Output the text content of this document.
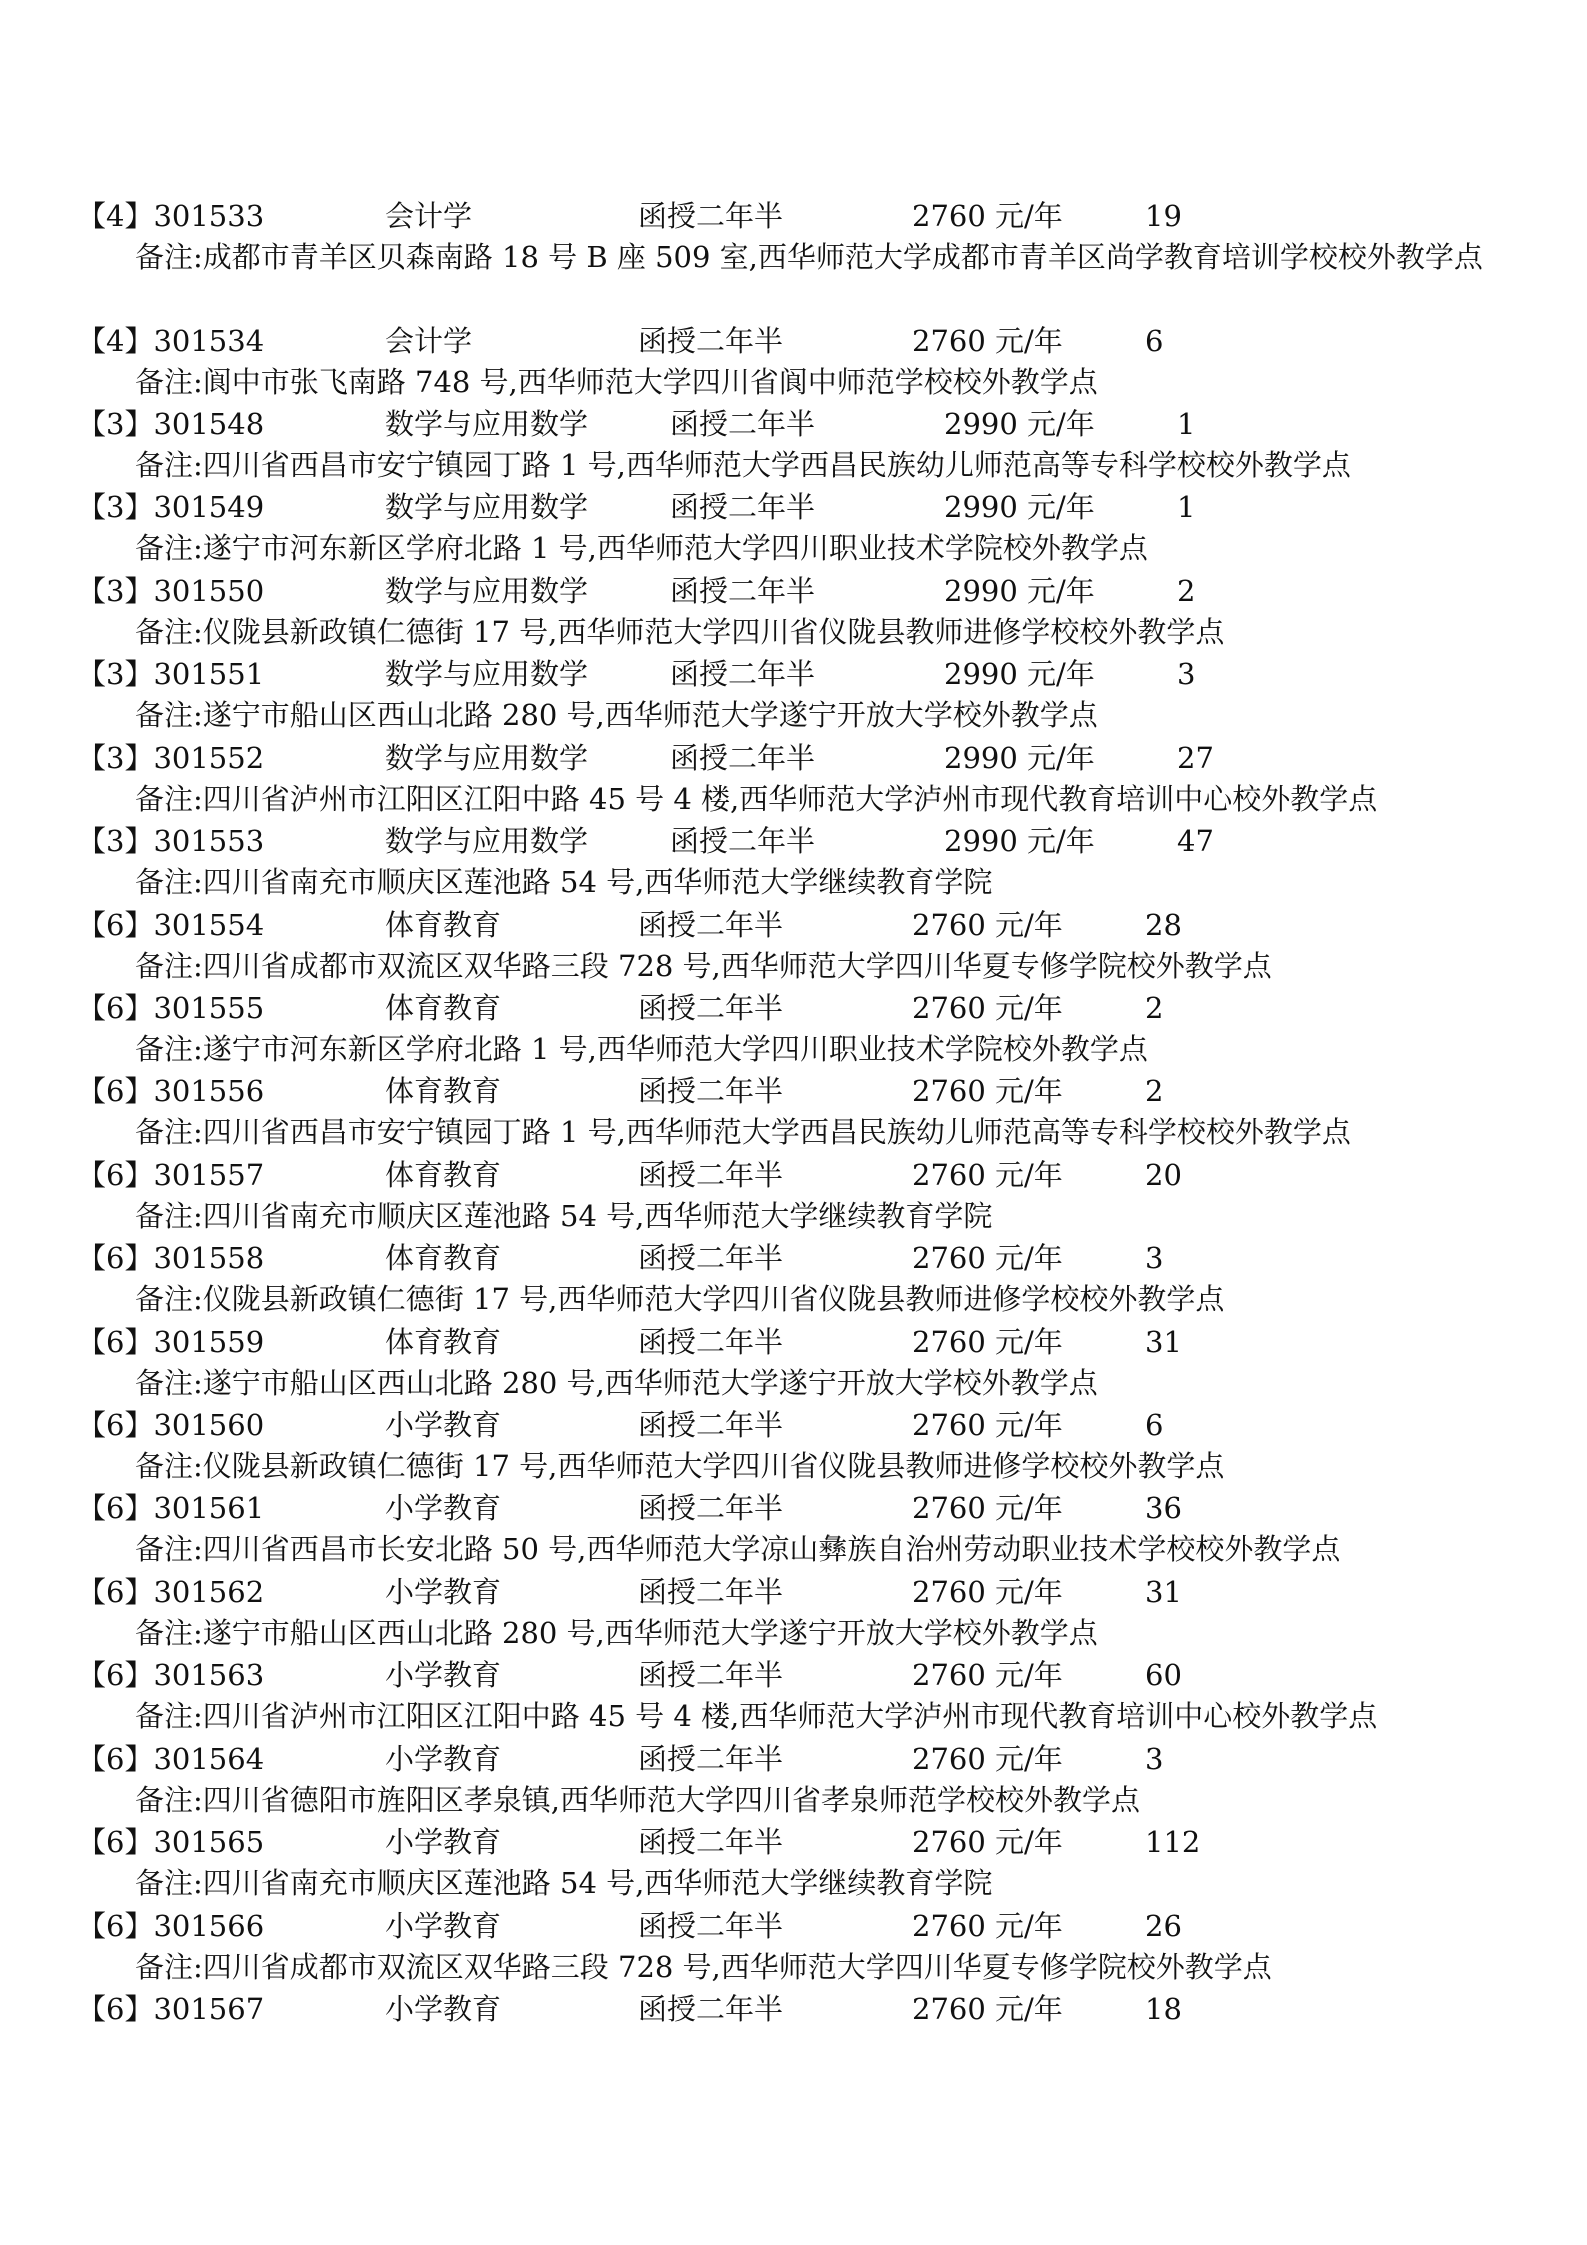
【4】301533	会计学	函授二年半	2760 元/年	19
备注:成都市青羊区贝森南路 18 号 B 座 509 室,西华师范大学成都市青羊区尚学教育培训学校校外教学点
【4】301534	会计学	函授二年半	2760 元/年	6
备注:阆中市张飞南路 748 号,西华师范大学四川省阆中师范学校校外教学点
【3】301548	数学与应用数学	函授二年半	2990 元/年	1
备注:四川省西昌市安宁镇园丁路 1 号,西华师范大学西昌民族幼儿师范高等专科学校校外教学点
【3】301549	数学与应用数学	函授二年半	2990 元/年	1
备注:遂宁市河东新区学府北路 1 号,西华师范大学四川职业技术学院校外教学点
【3】301550	数学与应用数学	函授二年半	2990 元/年	2
备注:仪陇县新政镇仁德街 17 号,西华师范大学四川省仪陇县教师进修学校校外教学点
【3】301551	数学与应用数学	函授二年半	2990 元/年	3
备注:遂宁市船山区西山北路 280 号,西华师范大学遂宁开放大学校外教学点
【3】301552	数学与应用数学	函授二年半	2990 元/年	27
备注:四川省泸州市江阳区江阳中路 45 号 4 楼,西华师范大学泸州市现代教育培训中心校外教学点
【3】301553	数学与应用数学	函授二年半	2990 元/年	47
备注:四川省南充市顺庆区莲池路 54 号,西华师范大学继续教育学院
【6】301554	体育教育	函授二年半	2760 元/年	28
备注:四川省成都市双流区双华路三段 728 号,西华师范大学四川华夏专修学院校外教学点
【6】301555	体育教育	函授二年半	2760 元/年	2
备注:遂宁市河东新区学府北路 1 号,西华师范大学四川职业技术学院校外教学点
【6】301556	体育教育	函授二年半	2760 元/年	2
备注:四川省西昌市安宁镇园丁路 1 号,西华师范大学西昌民族幼儿师范高等专科学校校外教学点
【6】301557	体育教育	函授二年半	2760 元/年	20
备注:四川省南充市顺庆区莲池路 54 号,西华师范大学继续教育学院
【6】301558	体育教育	函授二年半	2760 元/年	3
备注:仪陇县新政镇仁德街 17 号,西华师范大学四川省仪陇县教师进修学校校外教学点
【6】301559	体育教育	函授二年半	2760 元/年	31
备注:遂宁市船山区西山北路 280 号,西华师范大学遂宁开放大学校外教学点
【6】301560	小学教育	函授二年半	2760 元/年	6
备注:仪陇县新政镇仁德街 17 号,西华师范大学四川省仪陇县教师进修学校校外教学点
【6】301561	小学教育	函授二年半	2760 元/年	36
备注:四川省西昌市长安北路 50 号,西华师范大学凉山彝族自治州劳动职业技术学校校外教学点
【6】301562	小学教育	函授二年半	2760 元/年	31
备注:遂宁市船山区西山北路 280 号,西华师范大学遂宁开放大学校外教学点
【6】301563	小学教育	函授二年半	2760 元/年	60
备注:四川省泸州市江阳区江阳中路 45 号 4 楼,西华师范大学泸州市现代教育培训中心校外教学点
【6】301564	小学教育	函授二年半	2760 元/年	3
备注:四川省德阳市旌阳区孝泉镇,西华师范大学四川省孝泉师范学校校外教学点
【6】301565	小学教育	函授二年半	2760 元/年	112
备注:四川省南充市顺庆区莲池路 54 号,西华师范大学继续教育学院
【6】301566	小学教育	函授二年半	2760 元/年	26
备注:四川省成都市双流区双华路三段 728 号,西华师范大学四川华夏专修学院校外教学点
【6】301567	小学教育	函授二年半	2760 元/年	18
